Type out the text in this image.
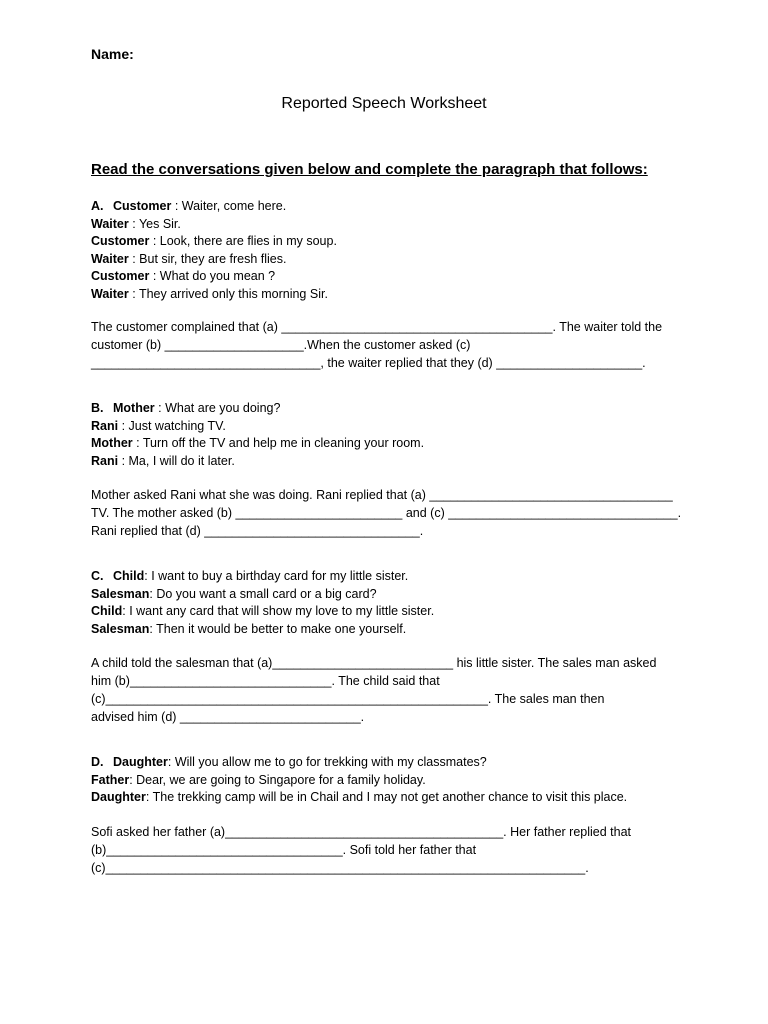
Name:
Reported Speech Worksheet
Read the conversations given below and complete the paragraph that follows:
A. Customer : Waiter, come here.
Waiter : Yes Sir.
Customer : Look, there are flies in my soup.
Waiter : But sir, they are fresh flies.
Customer : What do you mean ?
Waiter : They arrived only this morning Sir.
The customer complained that (a) _______________________________________. The waiter told the
customer (b) ____________________.When the customer asked (c)
_________________________________, the waiter replied that they (d) _____________________.
B. Mother : What are you doing?
Rani : Just watching TV.
Mother : Turn off the TV and help me in cleaning your room.
Rani : Ma, I will do it later.
Mother asked Rani what she was doing. Rani replied that (a) ___________________________________
TV. The mother asked (b) ________________________ and (c) _________________________________.
Rani replied that (d) _______________________________.
C. Child: I want to buy a birthday card for my little sister.
Salesman: Do you want a small card or a big card?
Child: I want any card that will show my love to my little sister.
Salesman: Then it would be better to make one yourself.
A child told the salesman that (a)__________________________ his little sister. The sales man asked
him (b)_____________________________. The child said that
(c)_______________________________________________________. The sales man then
advised him (d) __________________________.
D. Daughter: Will you allow me to go for trekking with my classmates?
Father: Dear, we are going to Singapore for a family holiday.
Daughter: The trekking camp will be in Chail and I may not get another chance to visit this place.
Sofi asked her father (a)________________________________________. Her father replied that
(b)__________________________________. Sofi told her father that
(c)_____________________________________________________________________.
